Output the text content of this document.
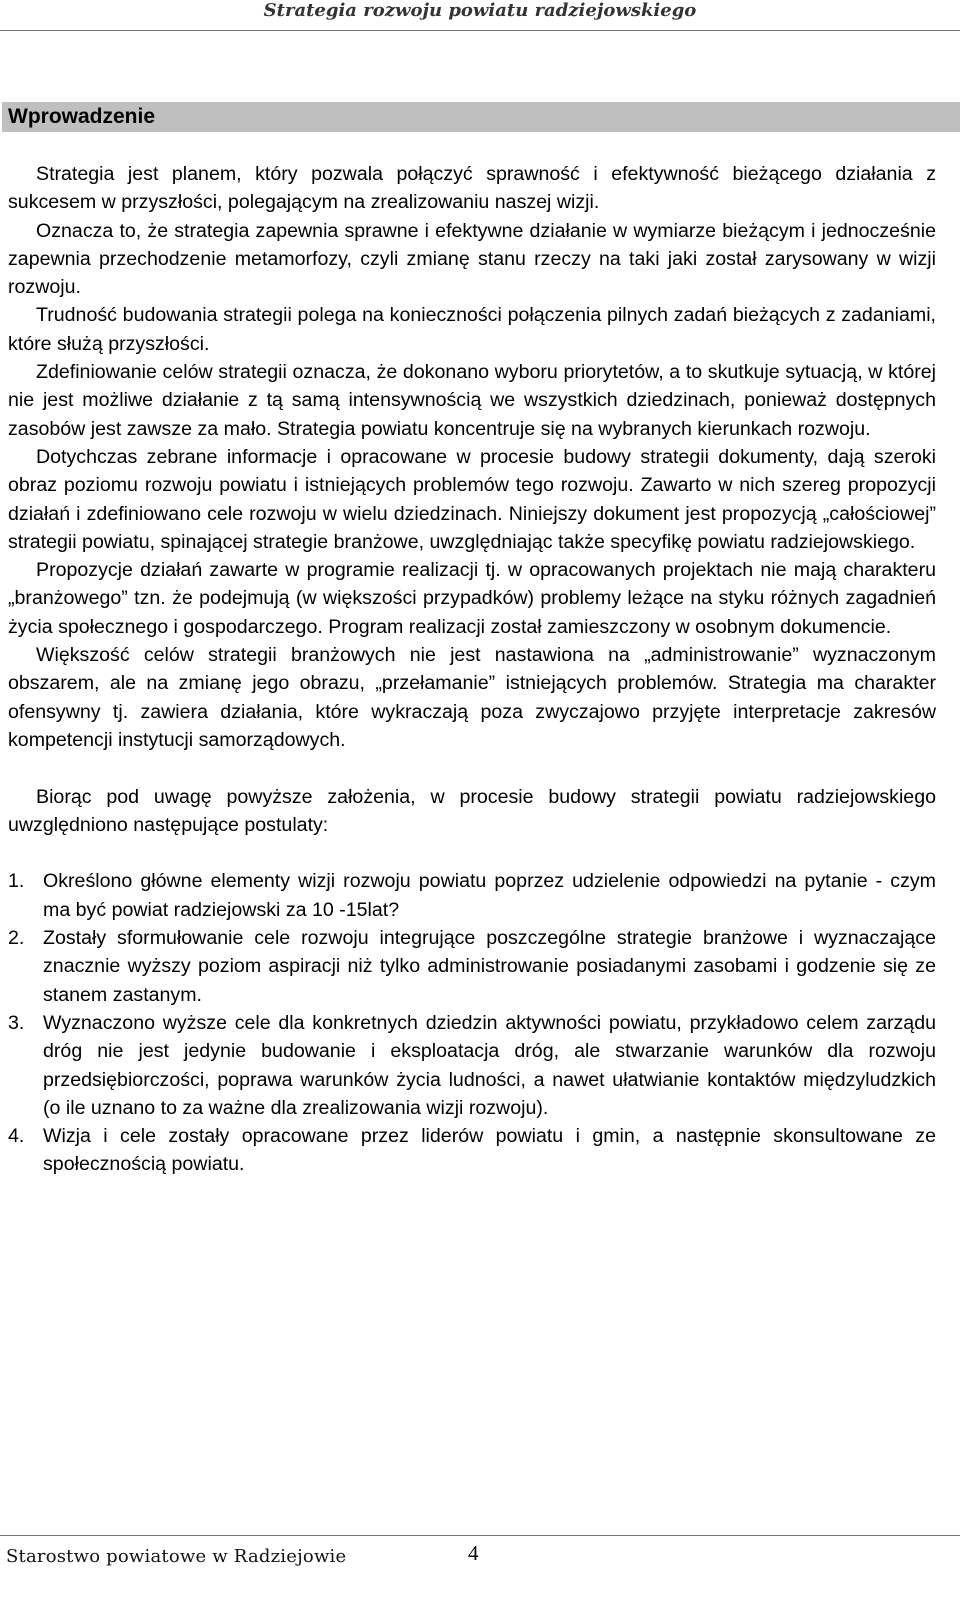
Strategia rozwoju powiatu radziejowskiego
Wprowadzenie

Strategia jest planem, który pozwala połączyć sprawność i efektywność bieżącego działania z sukcesem w przyszłości, polegającym na zrealizowaniu naszej wizji.

Oznacza to, że strategia zapewnia sprawne i efektywne działanie w wymiarze bieżącym i jednocześnie zapewnia przechodzenie metamorfozy, czyli zmianę stanu rzeczy na taki jaki został zarysowany w wizji rozwoju.

Trudność budowania strategii polega na konieczności połączenia pilnych zadań bieżących z zadaniami, które służą przyszłości.

Zdefiniowanie celów strategii oznacza, że dokonano wyboru priorytetów, a to skutkuje sytuacją, w której nie jest możliwe działanie z tą samą intensywnością we wszystkich dziedzinach, ponieważ dostępnych zasobów jest zawsze za mało. Strategia powiatu koncentruje się na wybranych kierunkach rozwoju.

Dotychczas zebrane informacje i opracowane w procesie budowy strategii dokumenty, dają szeroki obraz poziomu rozwoju powiatu i istniejących problemów tego rozwoju. Zawarto w nich szereg propozycji działań i zdefiniowano cele rozwoju w wielu dziedzinach. Niniejszy dokument jest propozycją „całościowej” strategii powiatu, spinającej strategie branżowe, uwzględniając także specyfikę powiatu radziejowskiego.

Propozycje działań zawarte w programie realizacji tj. w opracowanych projektach nie mają charakteru „branżowego” tzn. że podejmują (w większości przypadków) problemy leżące na styku różnych zagadnień życia społecznego i gospodarczego. Program realizacji został zamieszczony w osobnym dokumencie.

Większość celów strategii branżowych nie jest nastawiona na „administrowanie” wyznaczonym obszarem, ale na zmianę jego obrazu, „przełamanie” istniejących problemów. Strategia ma charakter ofensywny tj. zawiera działania, które wykraczają poza zwyczajowo przyjęte interpretacje zakresów kompetencji instytucji samorządowych.

Biorąc pod uwagę powyższe założenia, w procesie budowy strategii powiatu radziejowskiego uwzględniono następujące postulaty:

1. Określono główne elementy wizji rozwoju powiatu poprzez udzielenie odpowiedzi na pytanie - czym ma być powiat radziejowski za 10 -15lat?
2. Zostały sformułowanie cele rozwoju integrujące poszczególne strategie branżowe i wyznaczające znacznie wyższy poziom aspiracji niż tylko administrowanie posiadanymi zasobami i godzenie się ze stanem zastanym.
3. Wyznaczono wyższe cele dla konkretnych dziedzin aktywności powiatu, przykładowo celem zarządu dróg nie jest jedynie budowanie i eksploatacja dróg, ale stwarzanie warunków dla rozwoju przedsiębiorczości, poprawa warunków życia ludności, a nawet ułatwianie kontaktów międzyludzkich (o ile uznano to za ważne dla zrealizowania wizji rozwoju).
4. Wizja i cele zostały opracowane przez liderów powiatu i gmin, a następnie skonsultowane ze społecznością powiatu.
Starostwo powiatowe w Radziejowie	4
